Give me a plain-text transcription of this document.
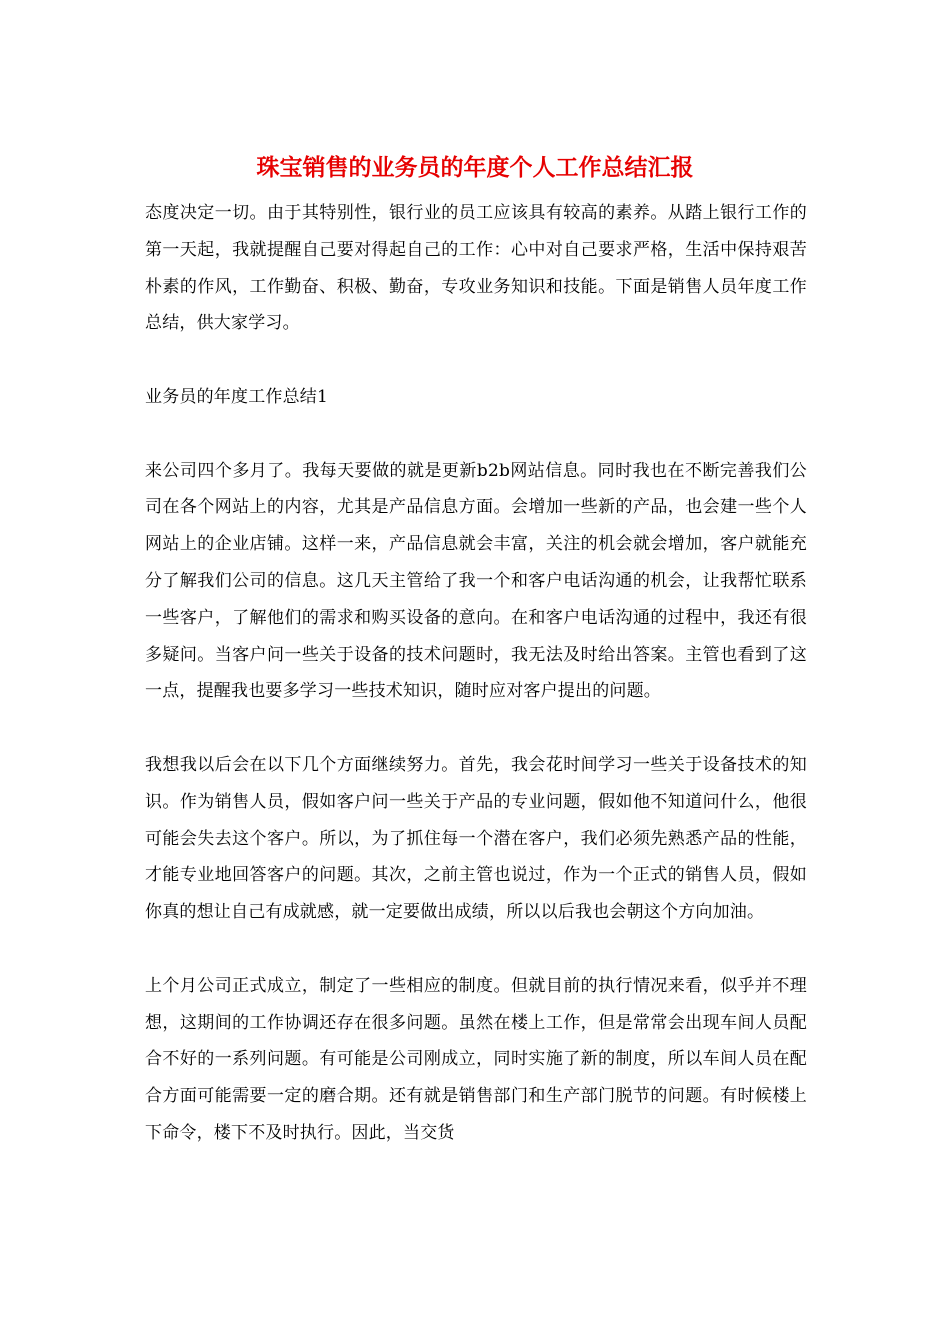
珠宝销售的业务员的年度个人工作总结汇报

态度决定一切。由于其特别性，银行业的员工应该具有较高的素养。从踏上银行工作的第一天起，我就提醒自己要对得起自己的工作：心中对自己要求严格，生活中保持艰苦朴素的作风，工作勤奋、积极、勤奋，专攻业务知识和技能。下面是销售人员年度工作总结，供大家学习。

业务员的年度工作总结1

来公司四个多月了。我每天要做的就是更新b2b网站信息。同时我也在不断完善我们公司在各个网站上的内容，尤其是产品信息方面。会增加一些新的产品，也会建一些个人网站上的企业店铺。这样一来，产品信息就会丰富，关注的机会就会增加，客户就能充分了解我们公司的信息。这几天主管给了我一个和客户电话沟通的机会，让我帮忙联系一些客户，了解他们的需求和购买设备的意向。在和客户电话沟通的过程中，我还有很多疑问。当客户问一些关于设备的技术问题时，我无法及时给出答案。主管也看到了这一点，提醒我也要多学习一些技术知识，随时应对客户提出的问题。

我想我以后会在以下几个方面继续努力。首先，我会花时间学习一些关于设备技术的知识。作为销售人员，假如客户问一些关于产品的专业问题，假如他不知道问什么，他很可能会失去这个客户。所以，为了抓住每一个潜在客户，我们必须先熟悉产品的性能，才能专业地回答客户的问题。其次，之前主管也说过，作为一个正式的销售人员，假如你真的想让自己有成就感，就一定要做出成绩，所以以后我也会朝这个方向加油。

上个月公司正式成立，制定了一些相应的制度。但就目前的执行情况来看，似乎并不理想，这期间的工作协调还存在很多问题。虽然在楼上工作，但是常常会出现车间人员配合不好的一系列问题。有可能是公司刚成立，同时实施了新的制度，所以车间人员在配合方面可能需要一定的磨合期。还有就是销售部门和生产部门脱节的问题。有时候楼上下命令，楼下不及时执行。因此，当交货
